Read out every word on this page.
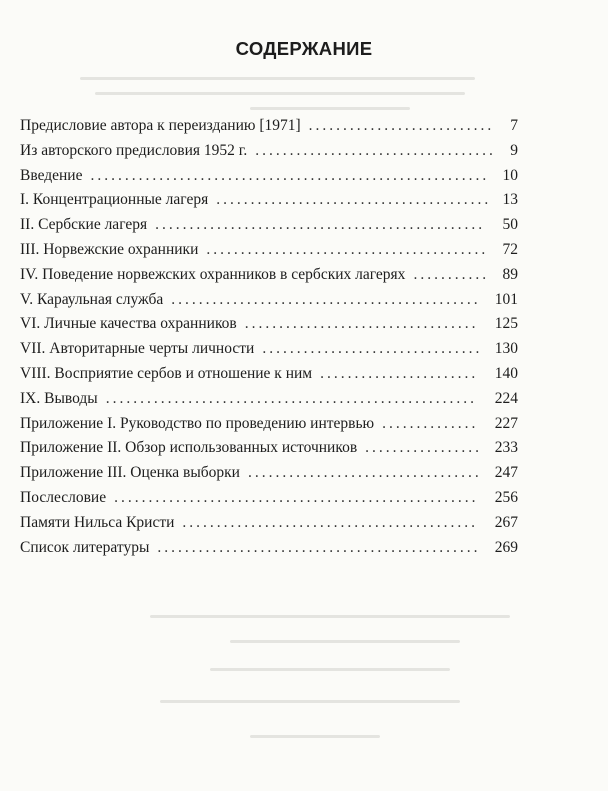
СОДЕРЖАНИЕ
Предисловие автора к переизданию [1971] ...........................	7
Из авторского предисловия 1952 г. ................................... 9
Введение .......................................................... 10
I. Концентрационные лагеря ........................................ 13
II. Сербские лагеря ................................................	50
III. Норвежские охранники ......................................... 72
IV. Поведение норвежских охранников в сербских лагерях ........... 89
V. Караульная служба ............................................. 101
VI. Личные качества охранников ..................................	125
VII. Авторитарные черты личности ................................ 130
VIII. Восприятие сербов и отношение к ним .......................	140
IX. Выводы ......................................................	224
Приложение I. Руководство по проведению интервью ..............	227
Приложение II. Обзор использованных источников ................. 233
Приложение III. Оценка выборки .................................. 247
Послесловие .....................................................	256
Памяти Нильса Кристи ...........................................	267
Список литературы ............................................... 269
